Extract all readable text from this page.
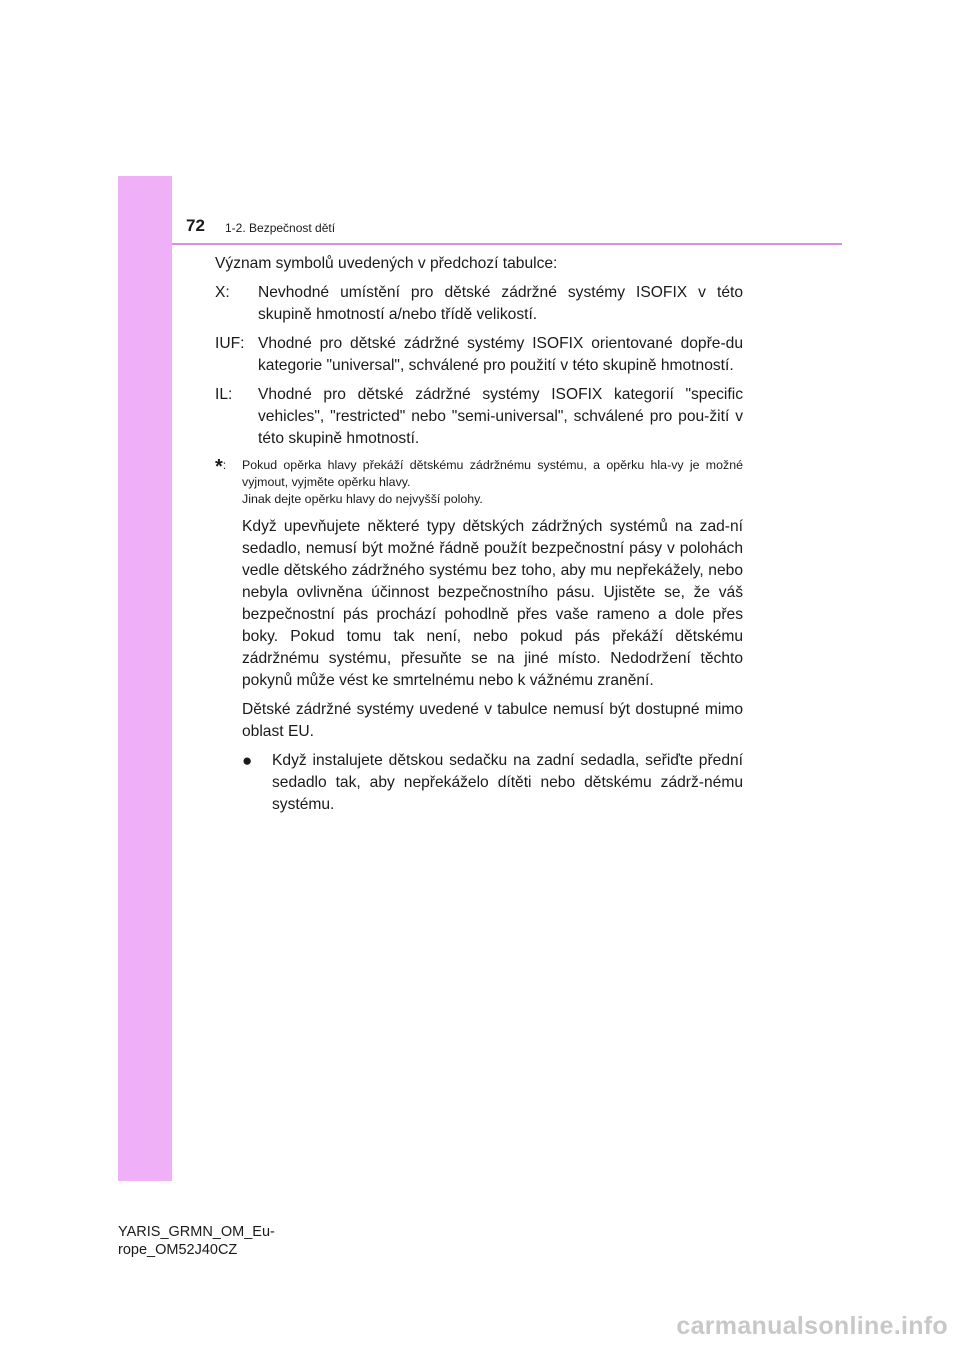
72 1-2. Bezpečnost dětí

Význam symbolů uvedených v předchozí tabulce:

X:	Nevhodné umístění pro dětské zádržné systémy ISOFIX v této skupině hmotností a/nebo třídě velikostí.
IUF: Vhodné pro dětské zádržné systémy ISOFIX orientované dopře-du kategorie "universal", schválené pro použití v této skupině hmotností.
IL:	Vhodné pro dětské zádržné systémy ISOFIX kategorií "specific vehicles", "restricted" nebo "semi-universal", schválené pro pou-žití v této skupině hmotností.
*:	Pokud opěrka hlavy překáží dětskému zádržnému systému, a opěrku hla-vy je možné vyjmout, vyjměte opěrku hlavy.
Jinak dejte opěrku hlavy do nejvyšší polohy.

Když upevňujete některé typy dětských zádržných systémů na zad-ní sedadlo, nemusí být možné řádně použít bezpečnostní pásy v polohách vedle dětského zádržného systému bez toho, aby mu nepřekážely, nebo nebyla ovlivněna účinnost bezpečnostního pásu. Ujistěte se, že váš bezpečnostní pás prochází pohodlně přes vaše rameno a dole přes boky. Pokud tomu tak není, nebo pokud pás překáží dětskému zádržnému systému, přesuňte se na jiné místo. Nedodržení těchto pokynů může vést ke smrtelnému nebo k vážnému zranění.

Dětské zádržné systémy uvedené v tabulce nemusí být dostupné mimo oblast EU.

●	Když instalujete dětskou sedačku na zadní sedadla, seřiďte přední sedadlo tak, aby nepřekáželo dítěti nebo dětskému zádrž-nému systému.
YARIS_GRMN_OM_Eu-
rope_OM52J40CZ
carmanualsonline.info
